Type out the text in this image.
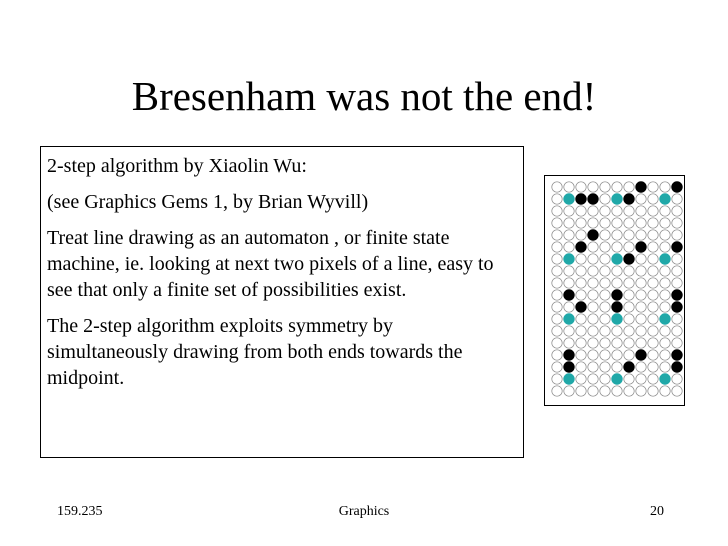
Bresenham was not the end!

2-step algorithm by Xiaolin Wu:

(see Graphics Gems 1, by Brian Wyvill)

Treat line drawing as an automaton , or finite state machine, ie. looking at next two pixels of a line, easy to see that only a finite set of possibilities exist.

The 2-step algorithm exploits symmetry by simultaneously drawing from both ends towards the midpoint.

159.235	Graphics	20
